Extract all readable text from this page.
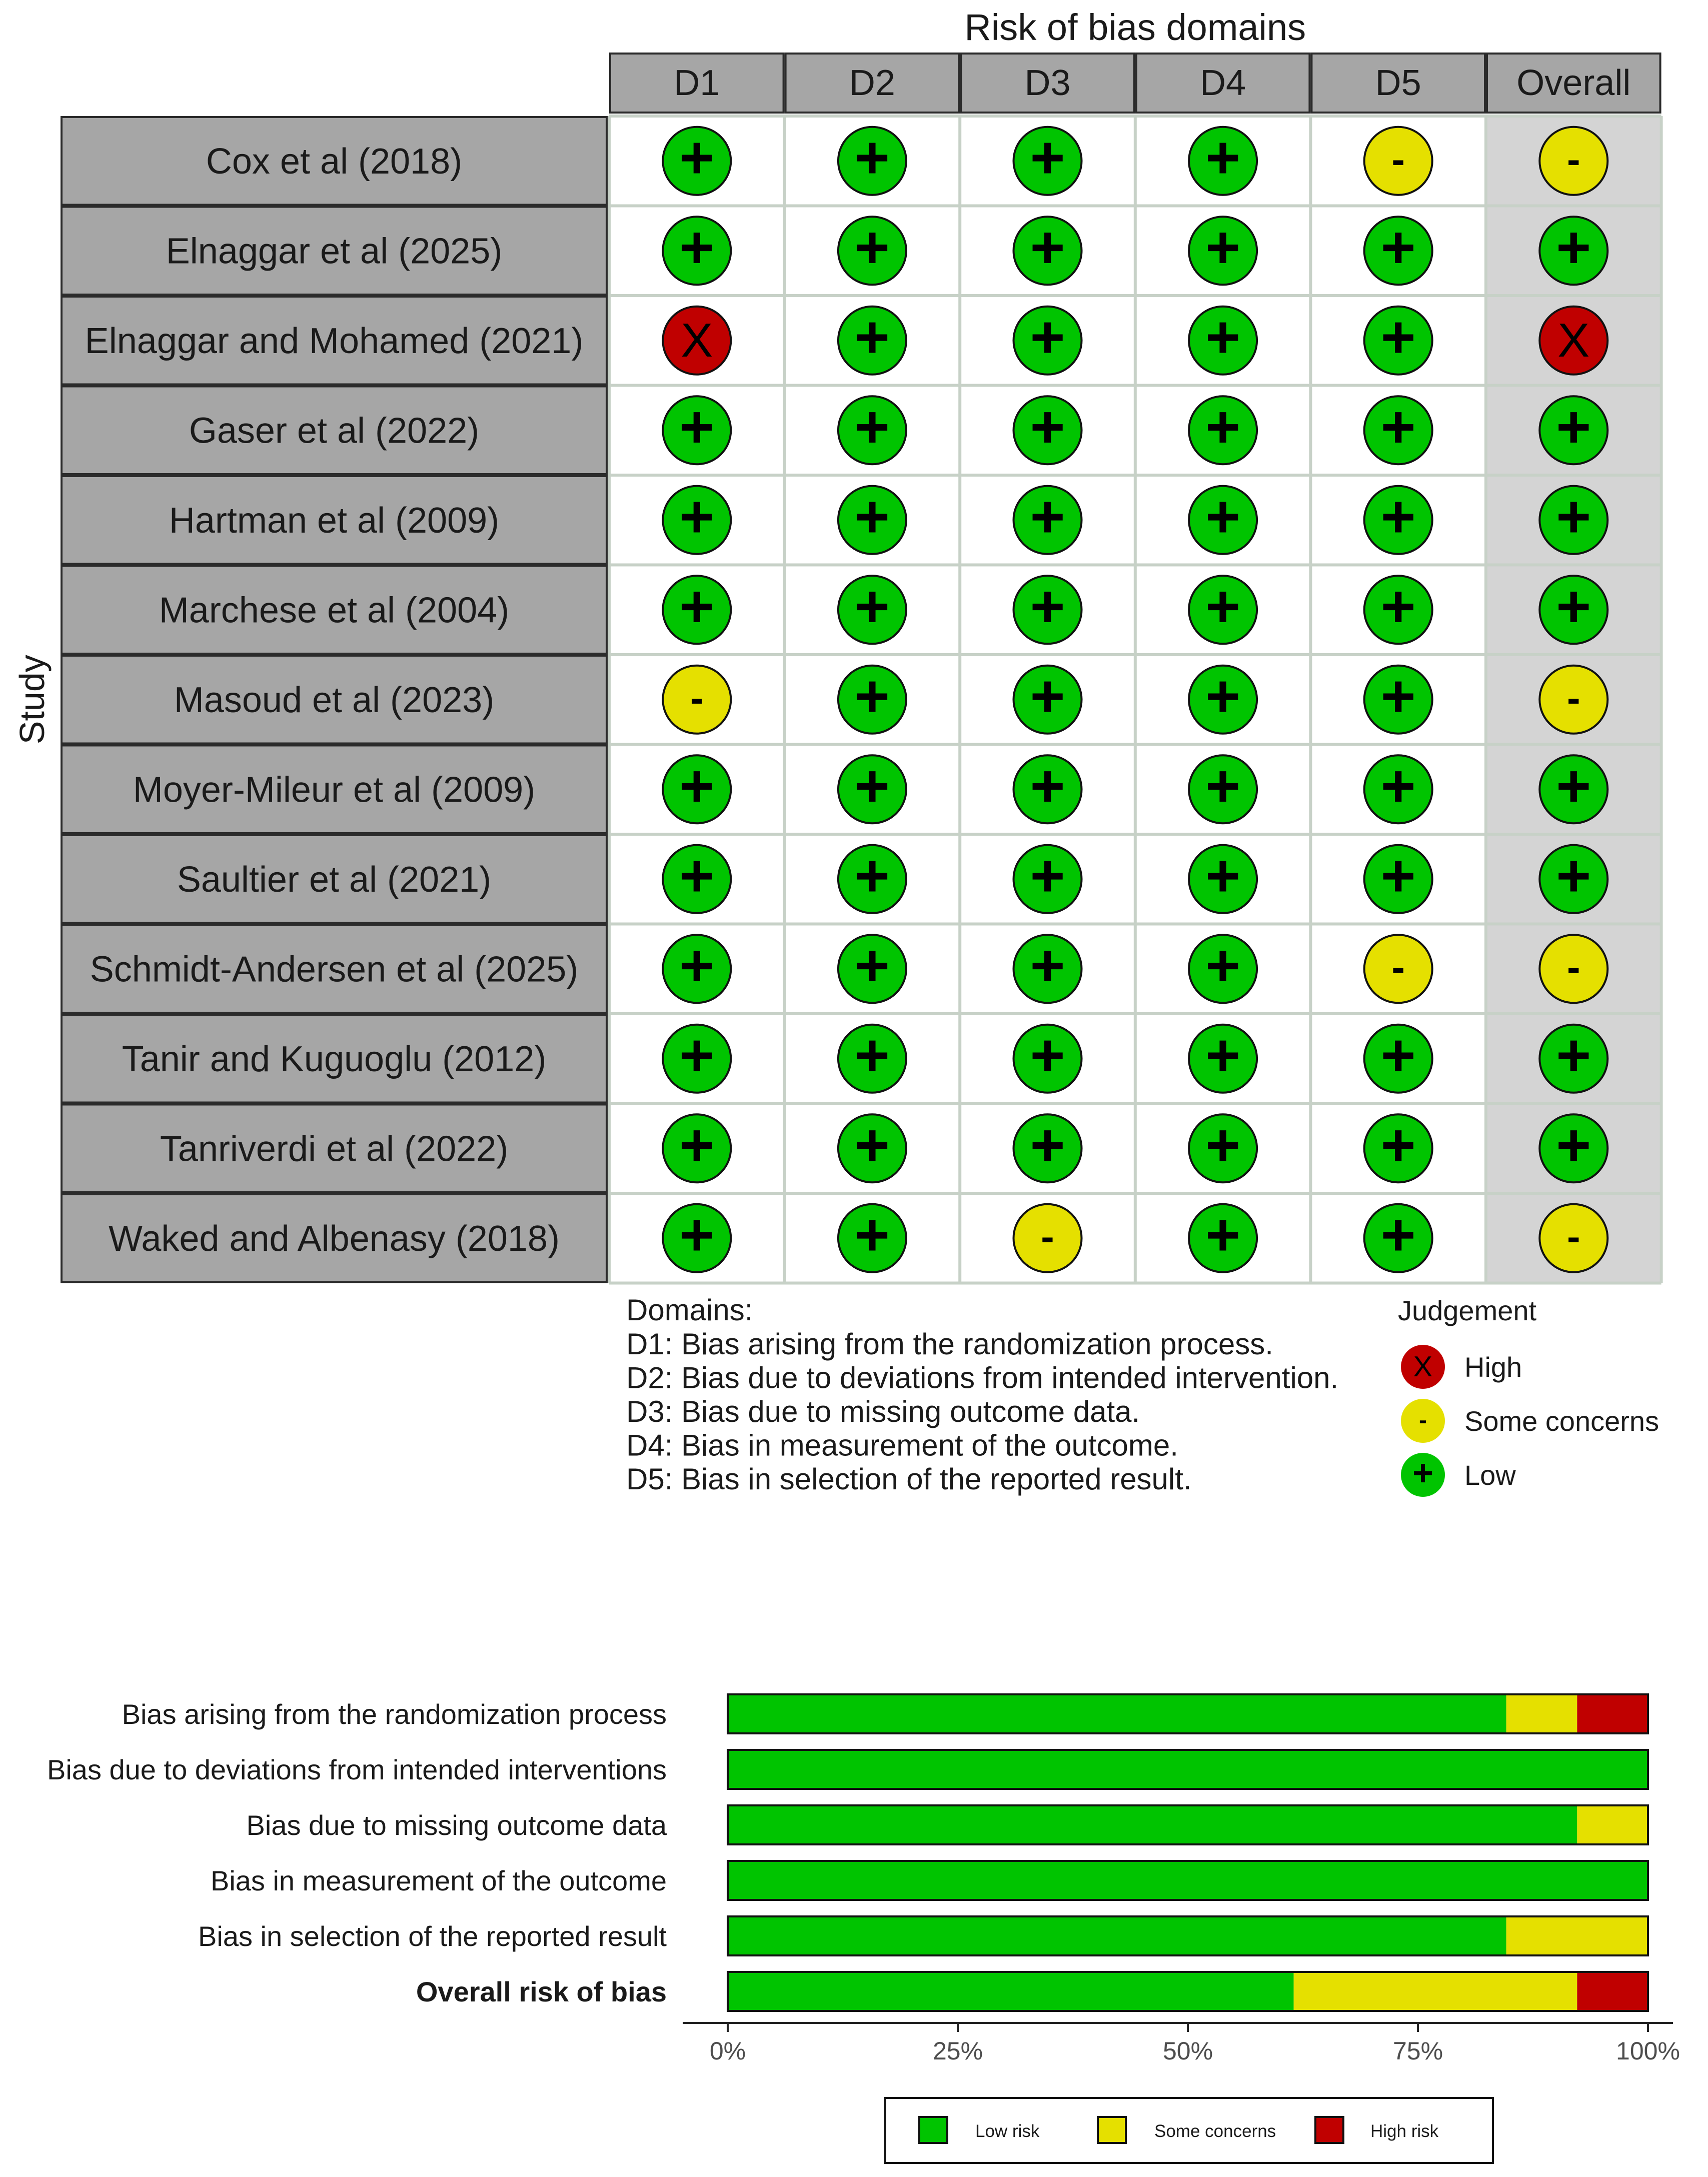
Risk of bias domains
D1	D2	D3	D4	D5	Overall
Study
Cox et al (2018)	+ + + +	-	-
Elnaggar et al (2025)	+ + + + + +
Elnaggar and Mohamed (2021) X + + + +	X
Gaser et al (2022)	+ + + + + +
Hartman et al (2009)	+ + + + + +
Marchese et al (2004)	+ + + + + +
Masoud et al (2023)	-	+ + + +	-
Moyer-Mileur et al (2009) + + + + + +
Saultier et al (2021)	+ + + + + +
Schmidt-Andersen et al (2025) + + + +	-	-
Tanir and Kuguoglu (2012) + + + + + +
Tanriverdi et al (2022)	+ + + + + +
Waked and Albenasy (2018) + +	-	+ +	-
Domains:
D1: Bias arising from the randomization process.
D2: Bias due to deviations from intended intervention.
D3: Bias due to missing outcome data.
D4: Bias in measurement of the outcome.
D5: Bias in selection of the reported result.
Judgement
X High
- Some concerns
+ Low
Bias arising from the randomization process
Bias due to deviations from intended interventions
Bias due to missing outcome data
Bias in measurement of the outcome
Bias in selection of the reported result
Overall risk of bias
0%	25%	50%	75%	100%
Low risk	Some concerns	High risk
